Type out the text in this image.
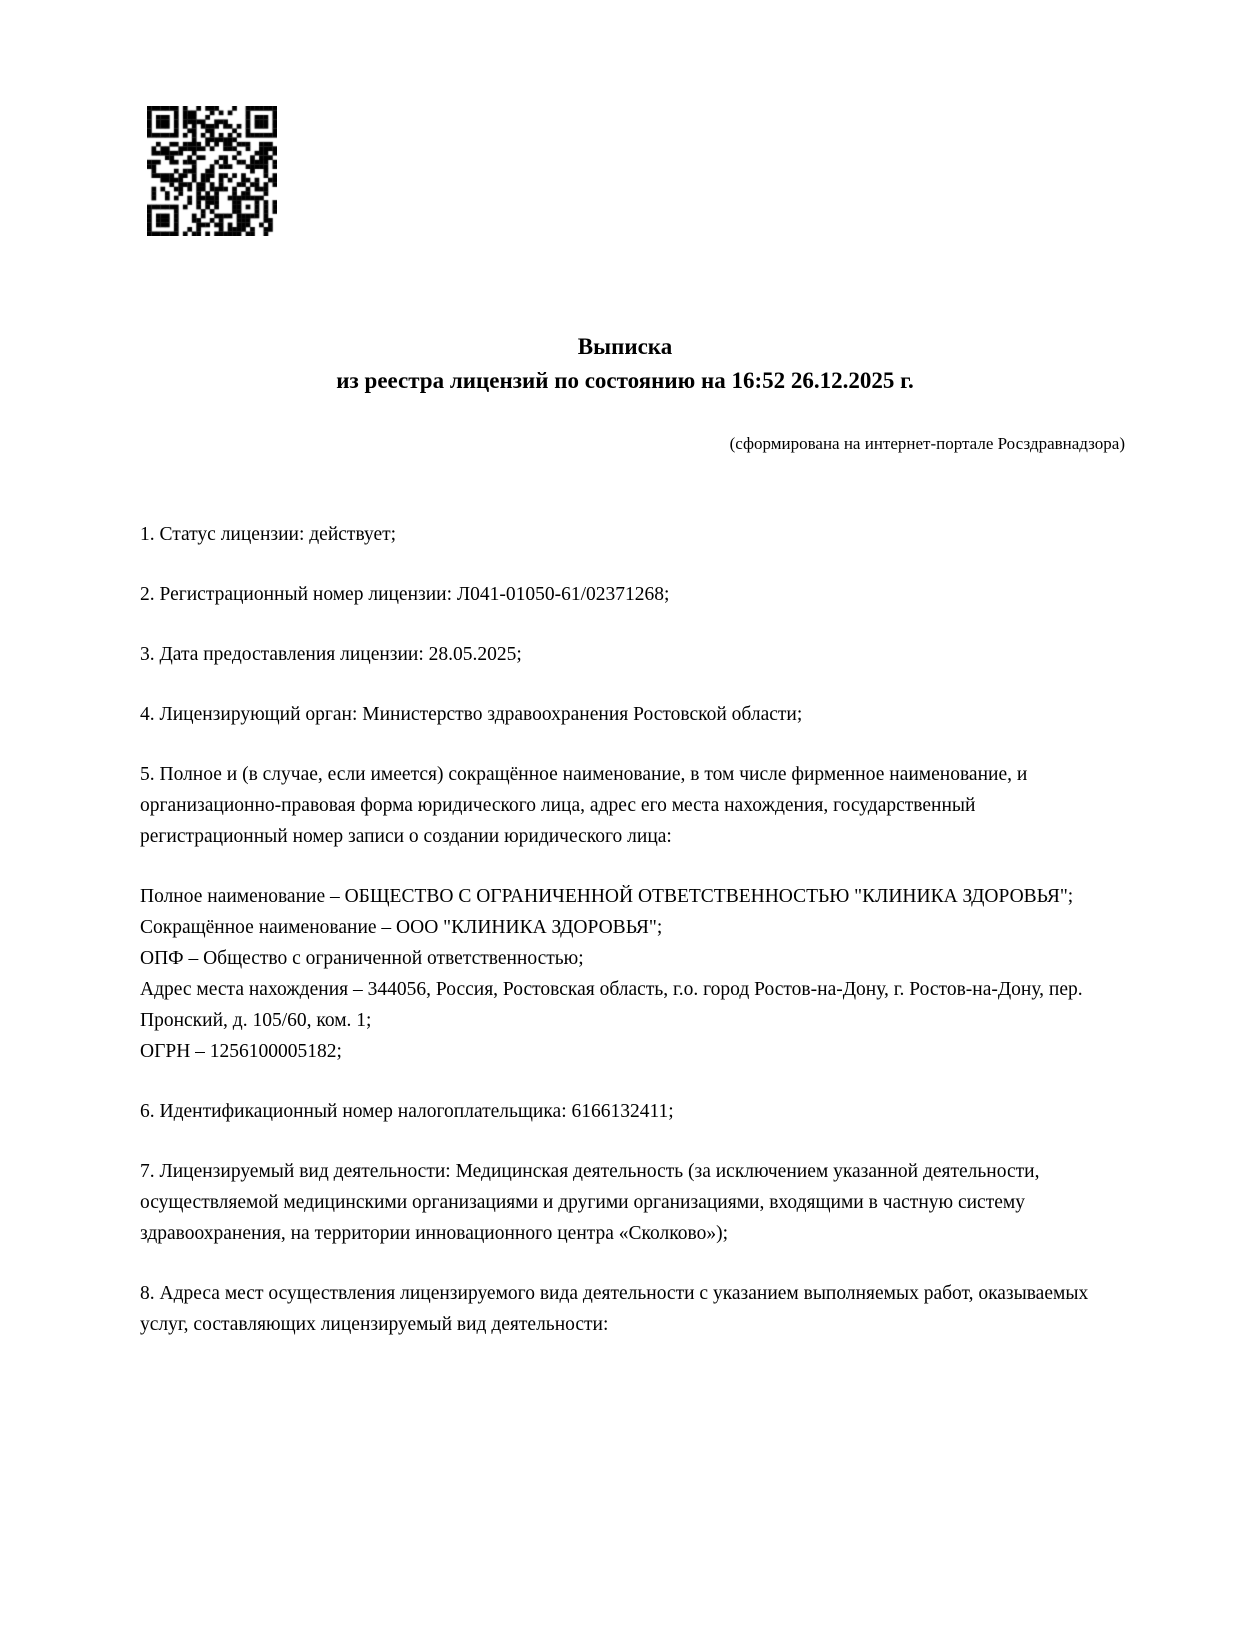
Выписка
из реестра лицензий по состоянию на 16:52 26.12.2025 г.
(сформирована на интернет-портале Росздравнадзора)

1. Статус лицензии: действует;

2. Регистрационный номер лицензии: Л041-01050-61/02371268;

3. Дата предоставления лицензии: 28.05.2025;

4. Лицензирующий орган: Министерство здравоохранения Ростовской области;

5. Полное и (в случае, если имеется) сокращённое наименование, в том числе фирменное наименование, и организационно-правовая форма юридического лица, адрес его места нахождения, государственный регистрационный номер записи о создании юридического лица:

Полное наименование – ОБЩЕСТВО С ОГРАНИЧЕННОЙ ОТВЕТСТВЕННОСТЬЮ "КЛИНИКА ЗДОРОВЬЯ";

Сокращённое наименование – ООО "КЛИНИКА ЗДОРОВЬЯ";

ОПФ – Общество с ограниченной ответственностью;

Адрес места нахождения – 344056, Россия, Ростовская область, г.о. город Ростов-на-Дону, г. Ростов-на-Дону, пер. Пронский, д. 105/60, ком. 1;

ОГРН – 1256100005182;

6. Идентификационный номер налогоплательщика: 6166132411;

7. Лицензируемый вид деятельности: Медицинская деятельность (за исключением указанной деятельности, осуществляемой медицинскими организациями и другими организациями, входящими в частную систему здравоохранения, на территории инновационного центра «Сколково»);

8. Адреса мест осуществления лицензируемого вида деятельности с указанием выполняемых работ, оказываемых услуг, составляющих лицензируемый вид деятельности:
